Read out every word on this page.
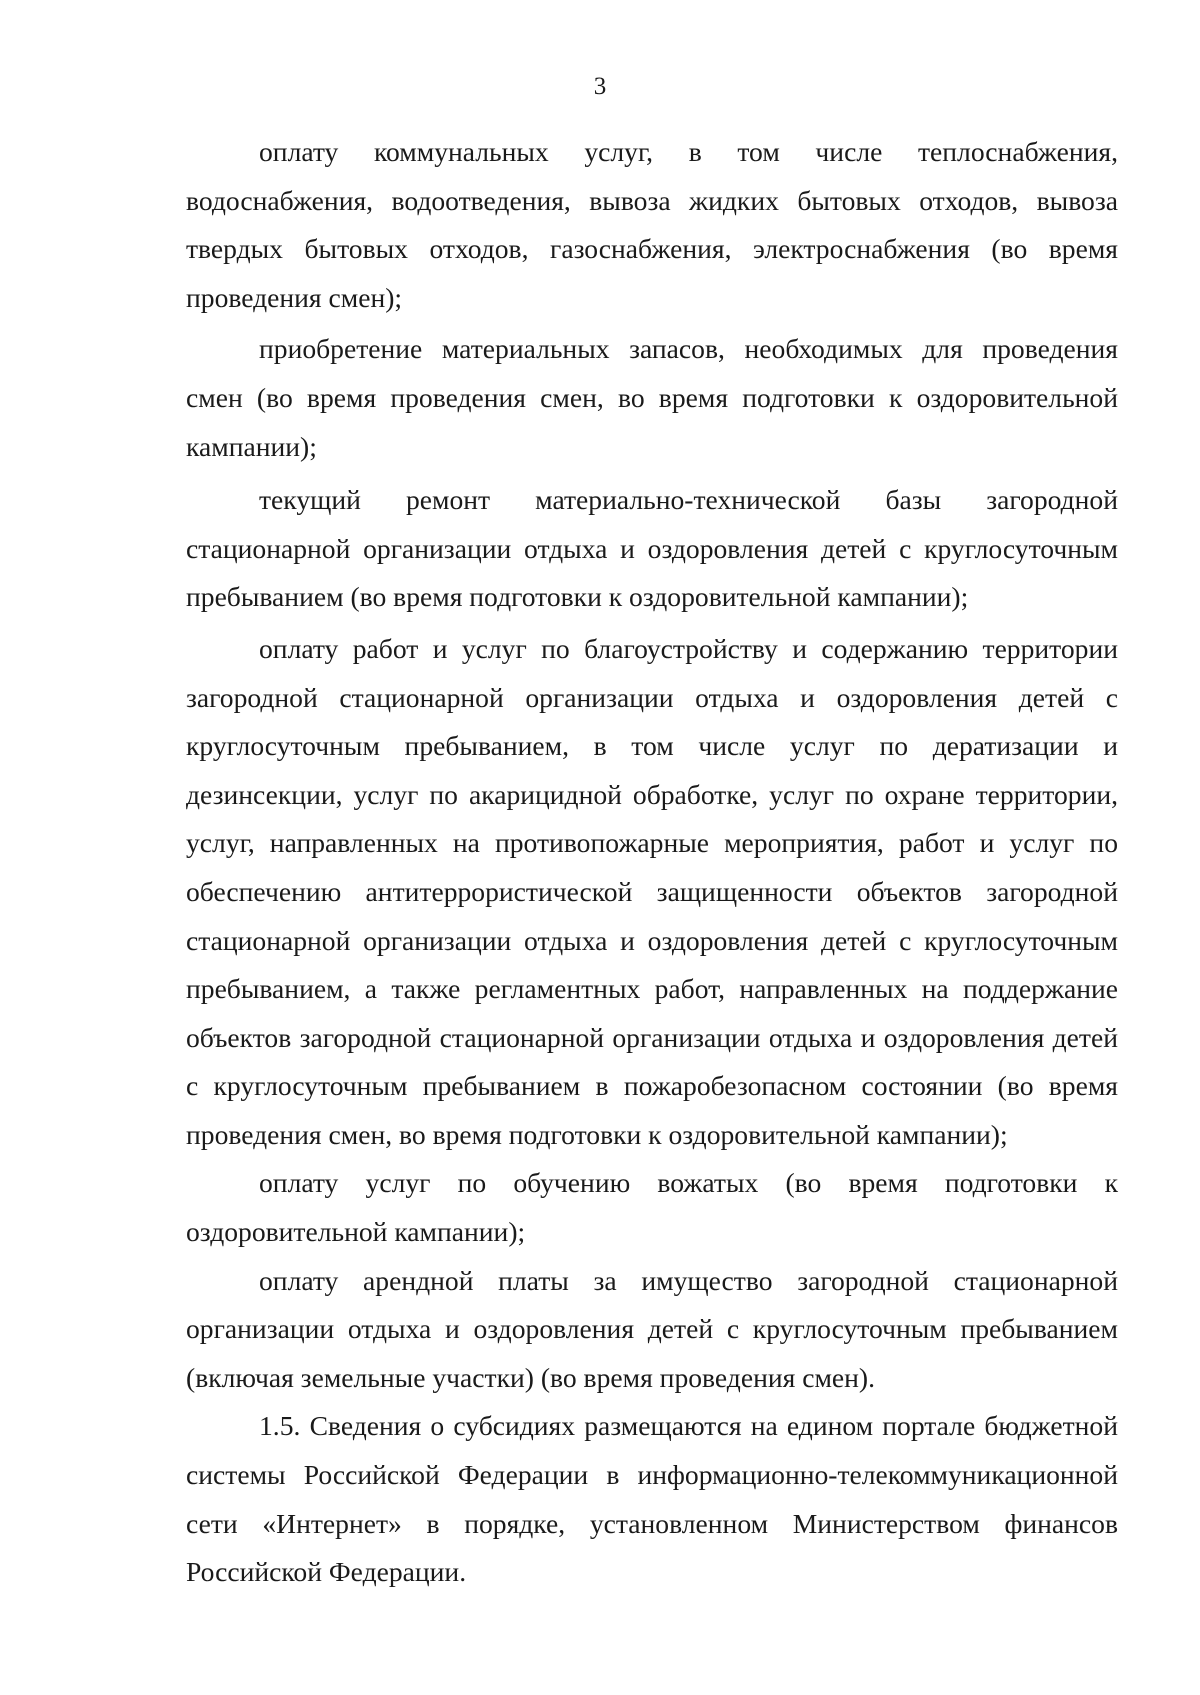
3

оплату коммунальных услуг, в том числе теплоснабжения, водоснабжения, водоотведения, вывоза жидких бытовых отходов, вывоза твердых бытовых отходов, газоснабжения, электроснабжения (во время проведения смен);

приобретение материальных запасов, необходимых для проведения смен (во время проведения смен, во время подготовки к оздоровительной кампании);

текущий ремонт материально-технической базы загородной стационарной организации отдыха и оздоровления детей с круглосуточным пребыванием (во время подготовки к оздоровительной кампании);

оплату работ и услуг по благоустройству и содержанию территории загородной стационарной организации отдыха и оздоровления детей с круглосуточным пребыванием, в том числе услуг по дератизации и дезинсекции, услуг по акарицидной обработке, услуг по охране территории, услуг, направленных на противопожарные мероприятия, работ и услуг по обеспечению антитеррористической защищенности объектов загородной стационарной организации отдыха и оздоровления детей с круглосуточным пребыванием, а также регламентных работ, направленных на поддержание объектов загородной стационарной организации отдыха и оздоровления детей с круглосуточным пребыванием в пожаробезопасном состоянии (во время проведения смен, во время подготовки к оздоровительной кампании);

оплату услуг по обучению вожатых (во время подготовки к оздоровительной кампании);

оплату арендной платы за имущество загородной стационарной организации отдыха и оздоровления детей с круглосуточным пребыванием (включая земельные участки) (во время проведения смен).

1.5. Сведения о субсидиях размещаются на едином портале бюджетной системы Российской Федерации в информационно-телекоммуникационной сети «Интернет» в порядке, установленном Министерством финансов Российской Федерации.
